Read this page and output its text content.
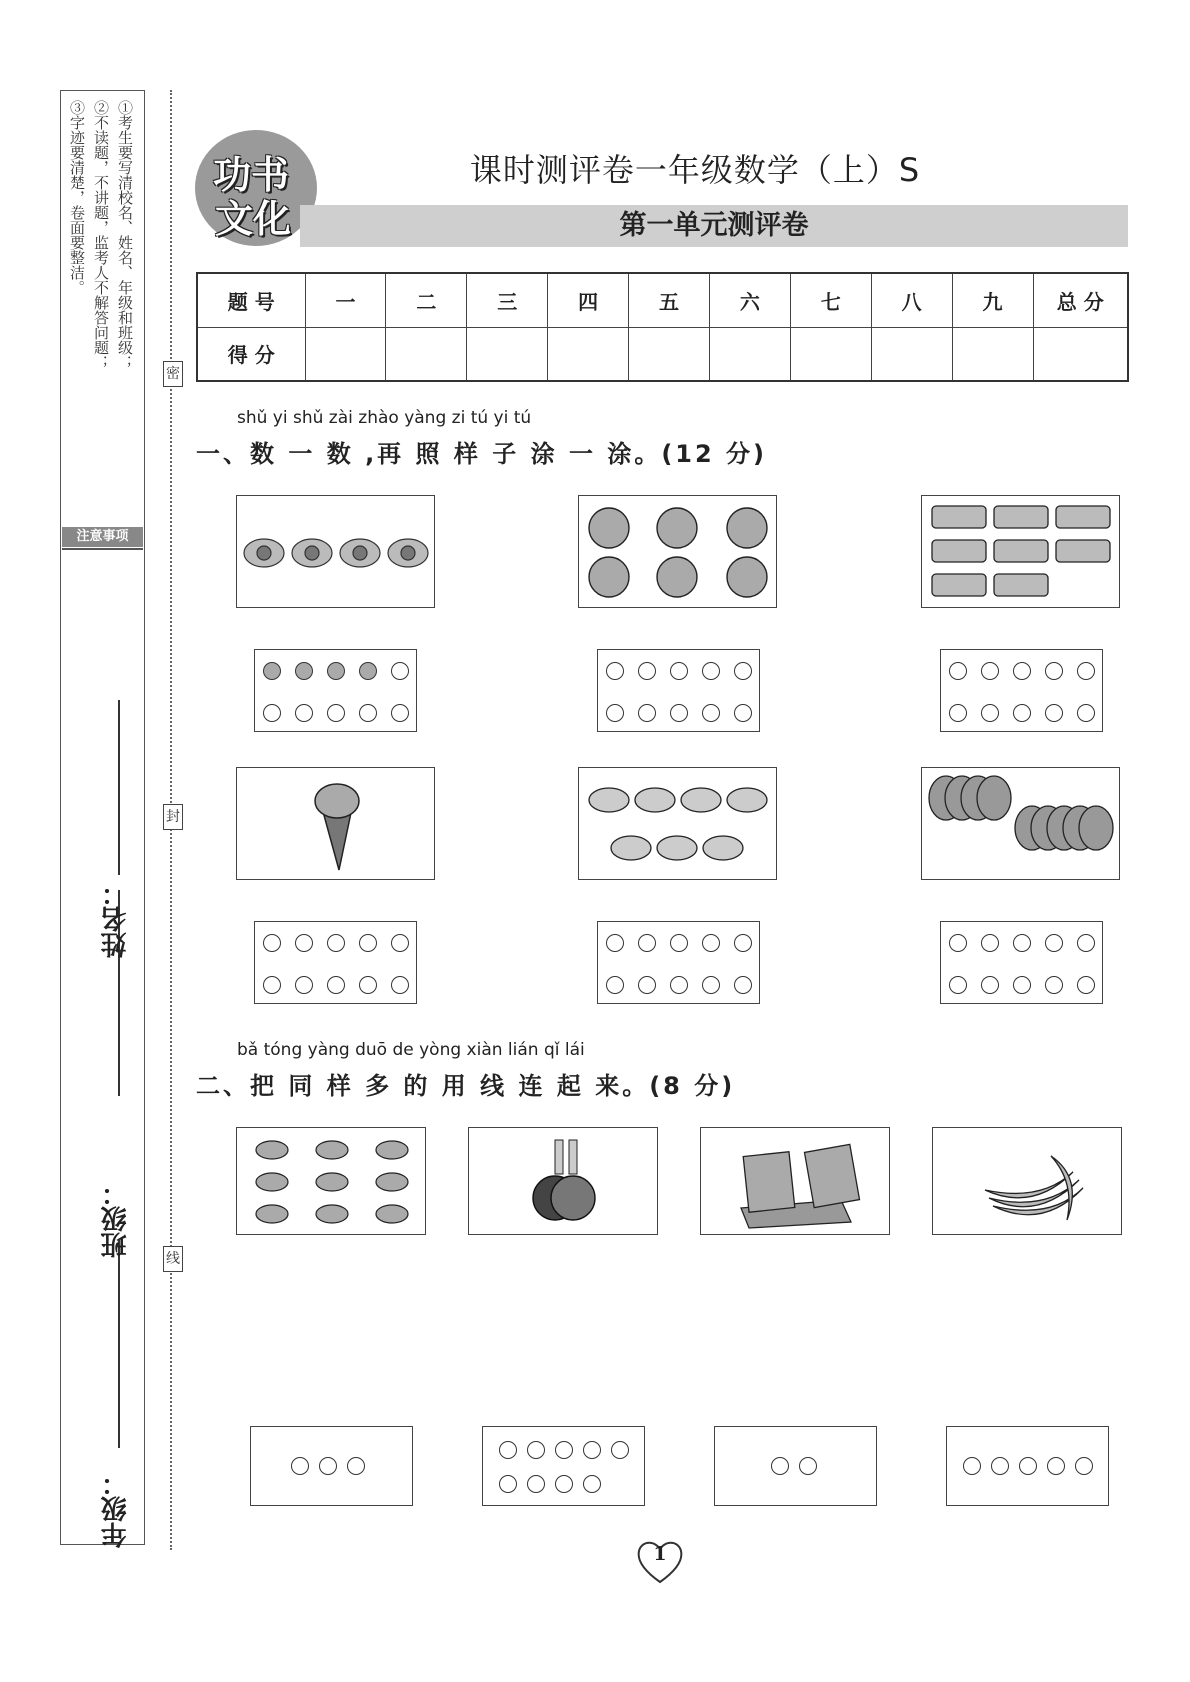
①考生要写清校名、姓名、年级和班级；
②不读题，不讲题，监考人不解答问题；
③字迹要清楚，卷面要整洁。
注意事项
年级：
班级：
姓名：
密
封
线
功书
文化
课时测评卷一年级数学（上）S
第一单元测评卷
题 号	一	二	三	四	五	六	七	八	九	总 分
得 分										
shǔ yi shǔ zài zhào yàng zi tú yi tú
一、数 一 数 ,再 照 样 子 涂 一 涂。(12 分)
bǎ tóng yàng duō de yòng xiàn lián qǐ lái
二、把 同 样 多 的 用 线 连 起 来。(8 分)
1
